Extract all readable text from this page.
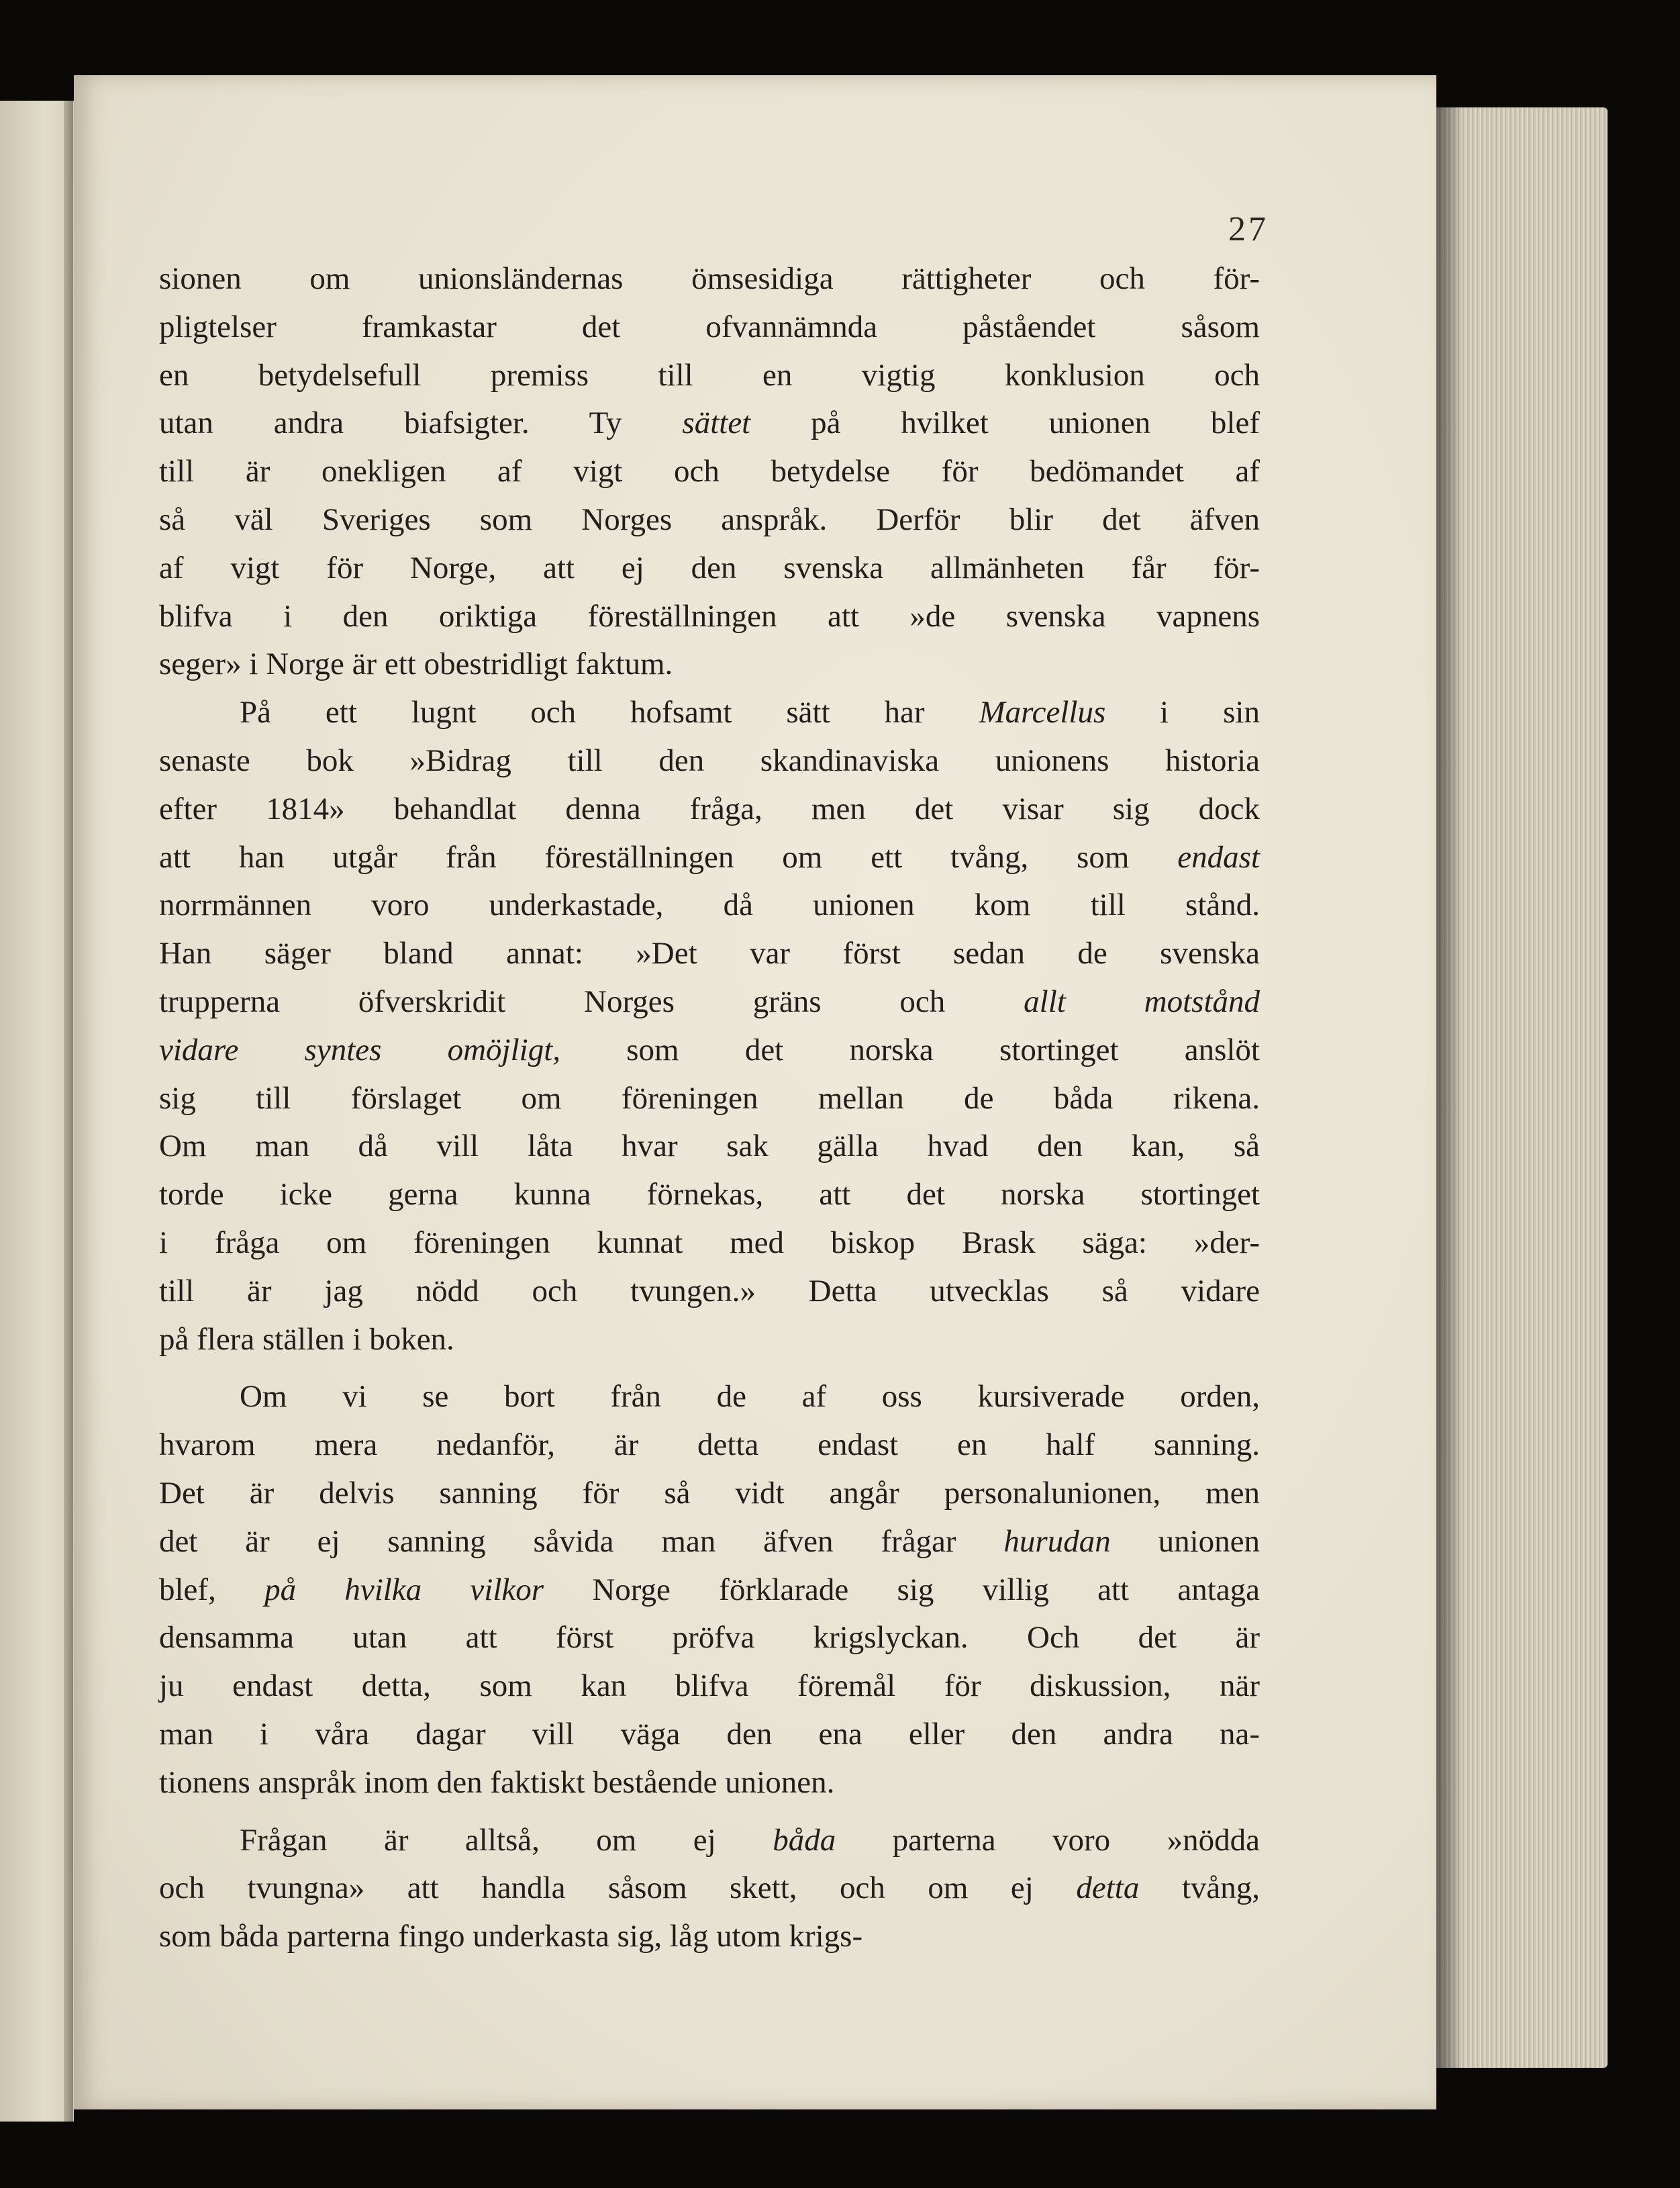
27
sionen om unionsländernas ömsesidiga rättigheter och för-
pligtelser framkastar det ofvannämnda påståendet såsom
en betydelsefull premiss till en vigtig konklusion och
utan andra biafsigter. Ty sättet på hvilket unionen blef
till är onekligen af vigt och betydelse för bedömandet af
så väl Sveriges som Norges anspråk. Derför blir det äfven
af vigt för Norge, att ej den svenska allmänheten får för-
blifva i den oriktiga föreställningen att »de svenska vapnens
seger» i Norge är ett obestridligt faktum.
På ett lugnt och hofsamt sätt har Marcellus i sin
senaste bok »Bidrag till den skandinaviska unionens historia
efter 1814» behandlat denna fråga, men det visar sig dock
att han utgår från föreställningen om ett tvång, som endast
norrmännen voro underkastade, då unionen kom till stånd.
Han säger bland annat: »Det var först sedan de svenska
trupperna öfverskridit Norges gräns och allt motstånd
vidare syntes omöjligt, som det norska stortinget anslöt
sig till förslaget om föreningen mellan de båda rikena.
Om man då vill låta hvar sak gälla hvad den kan, så
torde icke gerna kunna förnekas, att det norska stortinget
i fråga om föreningen kunnat med biskop Brask säga: »der-
till är jag nödd och tvungen.» Detta utvecklas så vidare
på flera ställen i boken.
Om vi se bort från de af oss kursiverade orden,
hvarom mera nedanför, är detta endast en half sanning.
Det är delvis sanning för så vidt angår personalunionen, men
det är ej sanning såvida man äfven frågar hurudan unionen
blef, på hvilka vilkor Norge förklarade sig villig att antaga
densamma utan att först pröfva krigslyckan. Och det är
ju endast detta, som kan blifva föremål för diskussion, när
man i våra dagar vill väga den ena eller den andra na-
tionens anspråk inom den faktiskt bestående unionen.
Frågan är alltså, om ej båda parterna voro »nödda
och tvungna» att handla såsom skett, och om ej detta tvång,
som båda parterna fingo underkasta sig, låg utom krigs-
